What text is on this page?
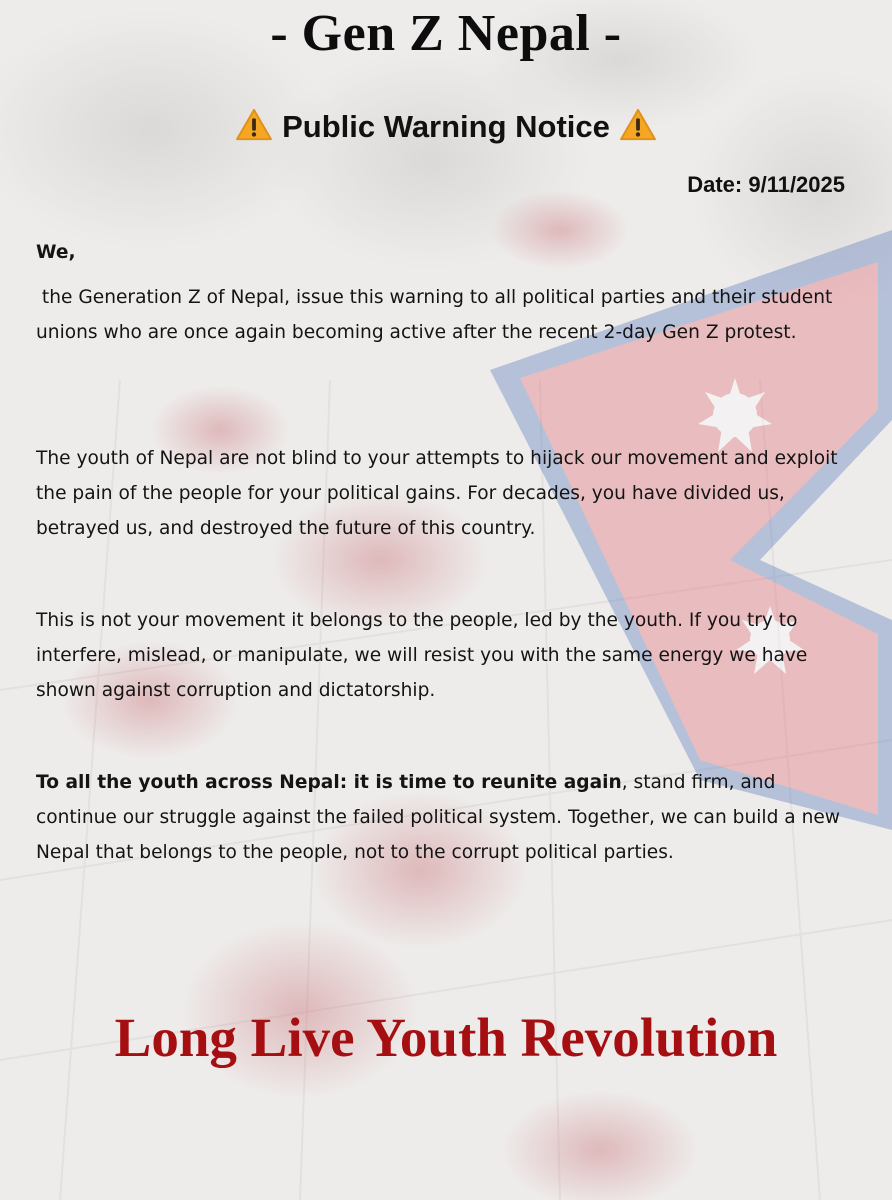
- Gen Z Nepal -
Public Warning Notice
Date: 9/11/2025

We,

the Generation Z of Nepal, issue this warning to all political parties and their student unions who are once again becoming active after the recent 2-day Gen Z protest.

The youth of Nepal are not blind to your attempts to hijack our movement and exploit the pain of the people for your political gains. For decades, you have divided us, betrayed us, and destroyed the future of this country.

This is not your movement it belongs to the people, led by the youth. If you try to interfere, mislead, or manipulate, we will resist you with the same energy we have shown against corruption and dictatorship.

To all the youth across Nepal: it is time to reunite again, stand firm, and continue our struggle against the failed political system. Together, we can build a new Nepal that belongs to the people, not to the corrupt political parties.

Long Live Youth Revolution
